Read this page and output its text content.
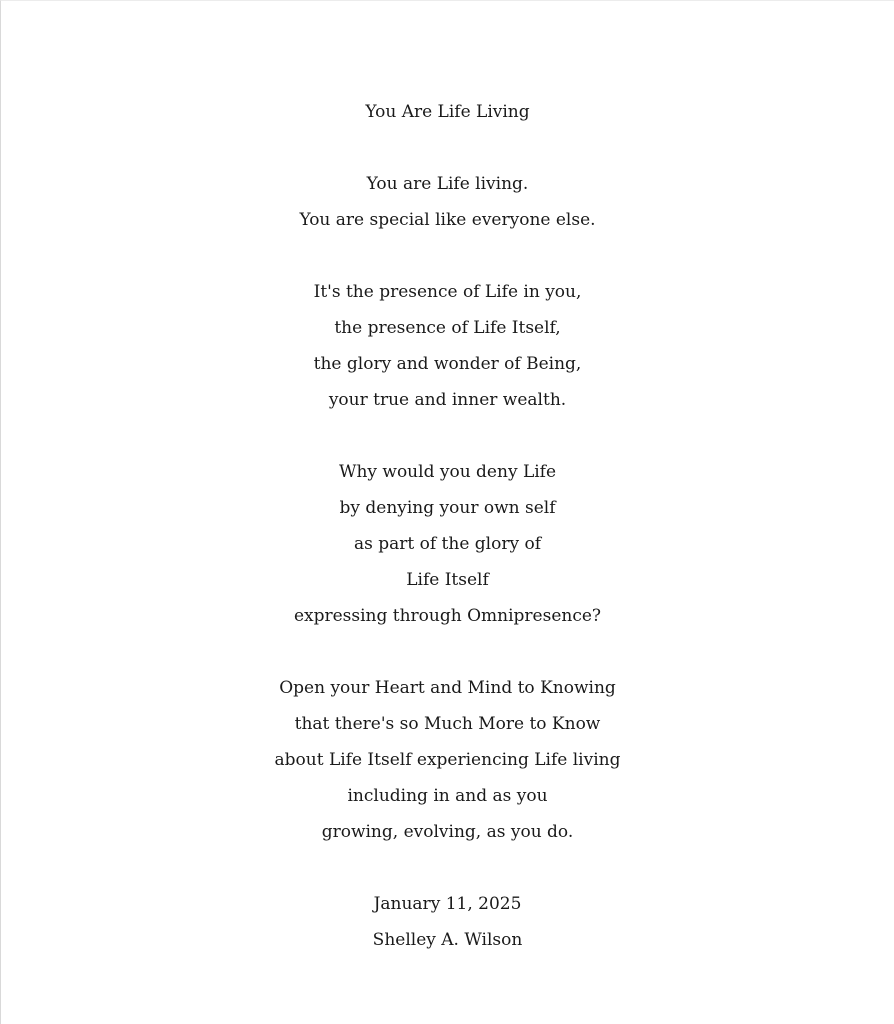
You Are Life Living
You are Life living.
You are special like everyone else.
It's the presence of Life in you,
the presence of Life Itself,
the glory and wonder of Being,
your true and inner wealth.
Why would you deny Life
by denying your own self
as part of the glory of
Life Itself
expressing through Omnipresence?
Open your Heart and Mind to Knowing
that there's so Much More to Know
about Life Itself experiencing Life living
including in and as you
growing, evolving, as you do.
January 11, 2025
Shelley A. Wilson
